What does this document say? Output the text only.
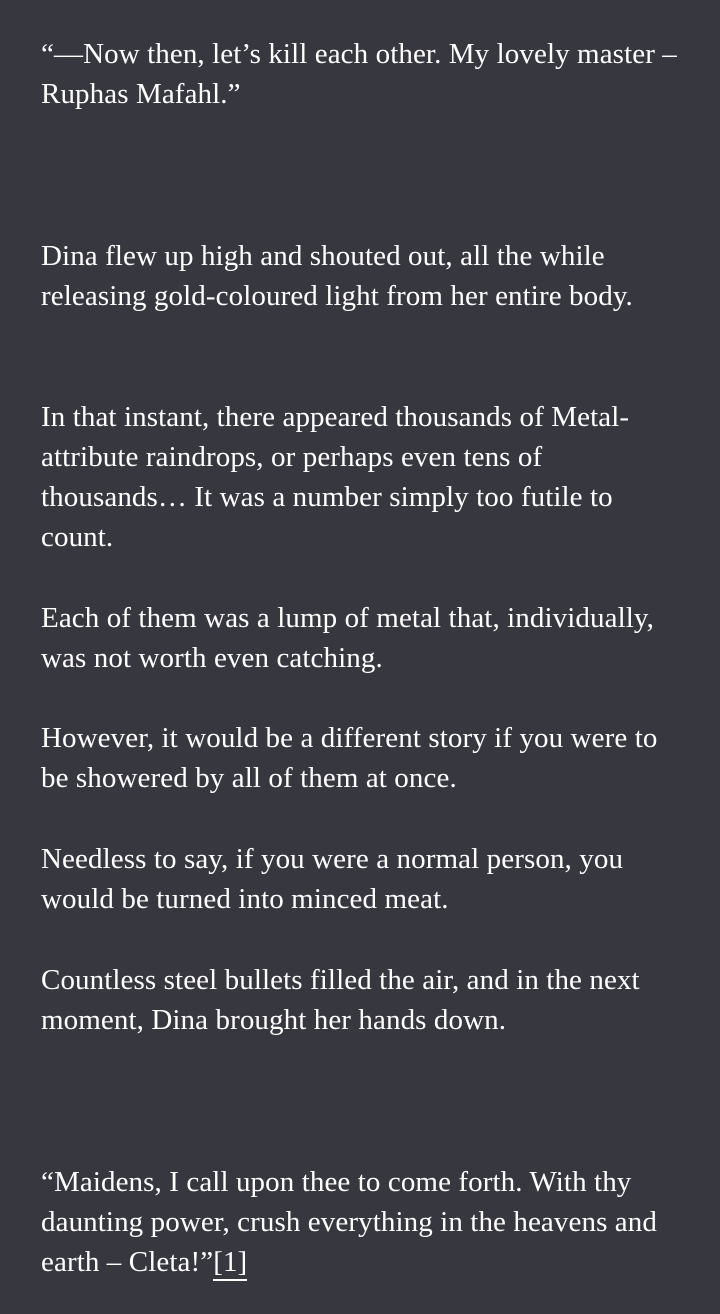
“—Now then, let’s kill each other. My lovely master – Ruphas Mafahl.”

Dina flew up high and shouted out, all the while releasing gold-coloured light from her entire body.

In that instant, there appeared thousands of Metal-attribute raindrops, or perhaps even tens of thousands… It was a number simply too futile to count.

Each of them was a lump of metal that, individually, was not worth even catching.

However, it would be a different story if you were to be showered by all of them at once.

Needless to say, if you were a normal person, you would be turned into minced meat.

Countless steel bullets filled the air, and in the next moment, Dina brought her hands down.

“Maidens, I call upon thee to come forth. With thy daunting power, crush everything in the heavens and earth – Cleta!”[1]
